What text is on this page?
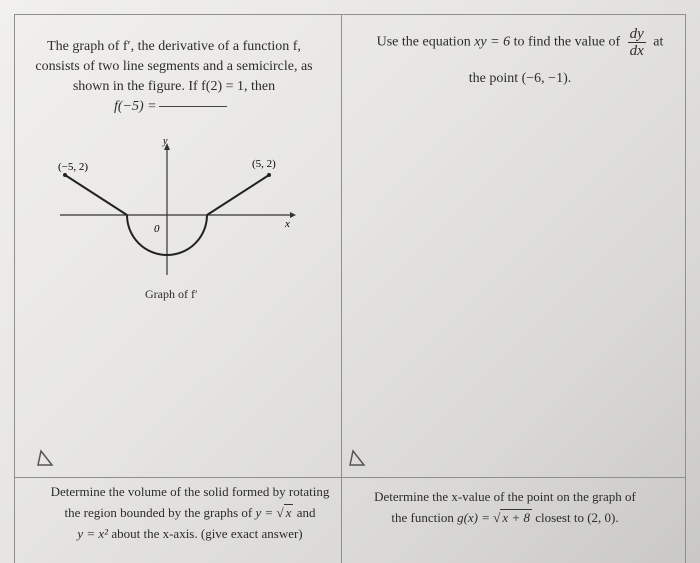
The graph of f′, the derivative of a function f,
consists of two line segments and a semicircle, as
shown in the figure. If f(2) = 1, then
f(−5) =
y
x
0
(−5, 2)	(5, 2)
Graph of f′
Use the equation xy = 6 to find the value of $\frac{dy}{dx}$ at
the point (−6, −1).
Determine the volume of the solid formed by rotating
the region bounded by the graphs of y = √ x and
y = x² about the x-axis. (give exact answer)
Determine the x-value of the point on the graph of
the function g(x) = √ x + 8 closest to (2, 0).
